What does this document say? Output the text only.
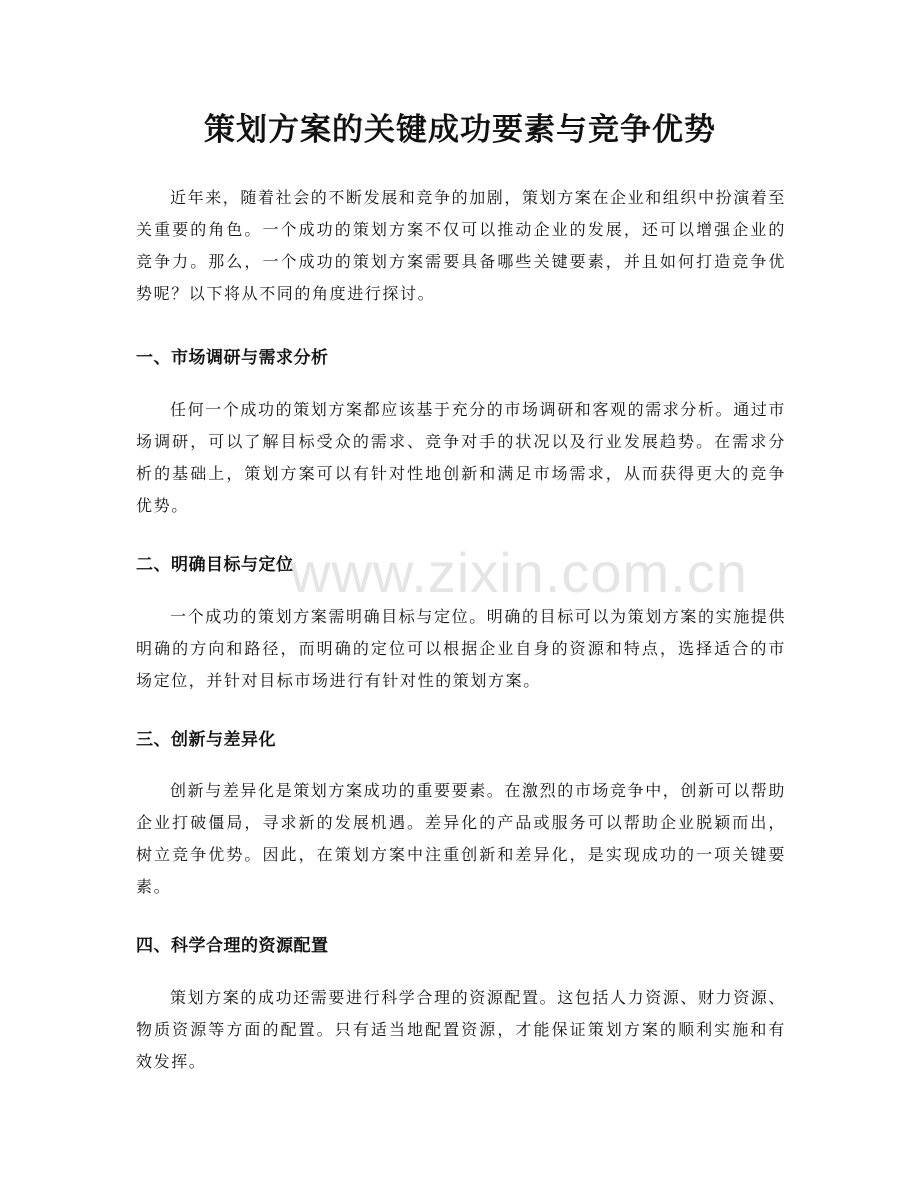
策划方案的关键成功要素与竞争优势

近年来，随着社会的不断发展和竞争的加剧，策划方案在企业和组织中扮演着至关重要的角色。一个成功的策划方案不仅可以推动企业的发展，还可以增强企业的竞争力。那么，一个成功的策划方案需要具备哪些关键要素，并且如何打造竞争优势呢？以下将从不同的角度进行探讨。

一、市场调研与需求分析

任何一个成功的策划方案都应该基于充分的市场调研和客观的需求分析。通过市场调研，可以了解目标受众的需求、竞争对手的状况以及行业发展趋势。在需求分析的基础上，策划方案可以有针对性地创新和满足市场需求，从而获得更大的竞争优势。

二、明确目标与定位

一个成功的策划方案需明确目标与定位。明确的目标可以为策划方案的实施提供明确的方向和路径，而明确的定位可以根据企业自身的资源和特点，选择适合的市场定位，并针对目标市场进行有针对性的策划方案。

三、创新与差异化

创新与差异化是策划方案成功的重要要素。在激烈的市场竞争中，创新可以帮助企业打破僵局，寻求新的发展机遇。差异化的产品或服务可以帮助企业脱颖而出，树立竞争优势。因此，在策划方案中注重创新和差异化，是实现成功的一项关键要素。

四、科学合理的资源配置

策划方案的成功还需要进行科学合理的资源配置。这包括人力资源、财力资源、物质资源等方面的配置。只有适当地配置资源，才能保证策划方案的顺利实施和有效发挥。

www.zixin.com.cn
